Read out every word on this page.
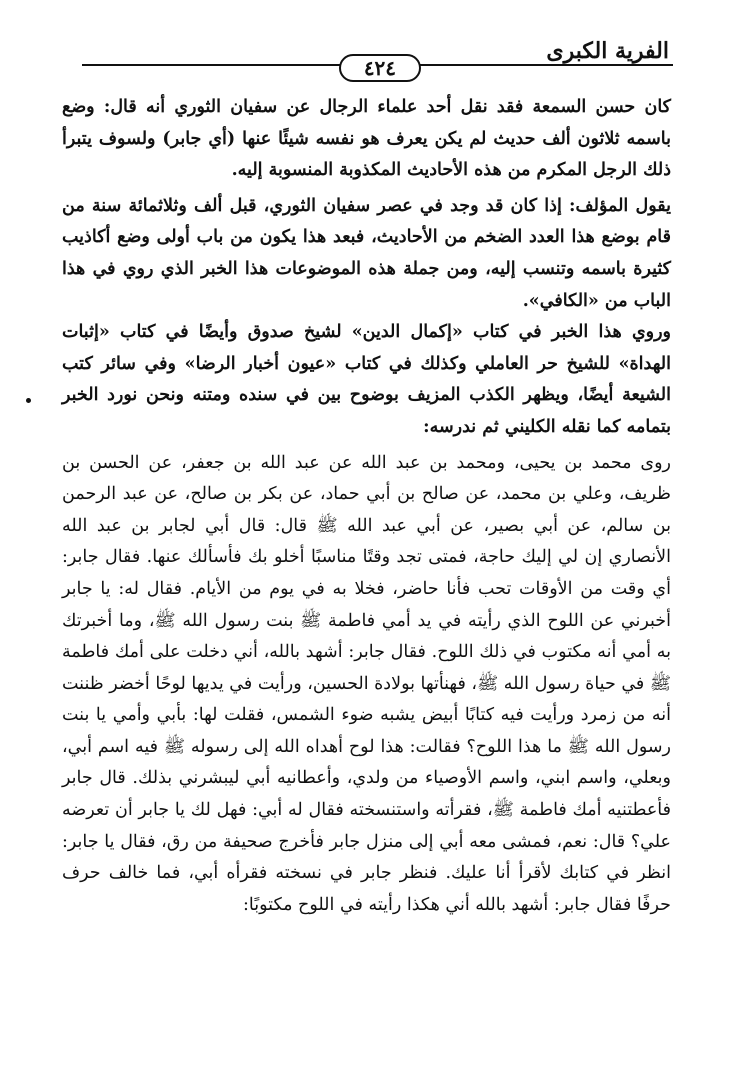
الفرية الكبرى
٤٢٤

كان حسن السمعة فقد نقل أحد علماء الرجال عن سفيان الثوري أنه قال: وضع باسمه ثلاثون ألف حديث لم يكن يعرف هو نفسه شيئًا عنها (أي جابر) ولسوف يتبرأ ذلك الرجل المكرم من هذه الأحاديث المكذوبة المنسوبة إليه.

يقول المؤلف: إذا كان قد وجد في عصر سفيان الثوري، قبل ألف وثلاثمائة سنة من قام بوضع هذا العدد الضخم من الأحاديث، فبعد هذا يكون من باب أولى وضع أكاذيب كثيرة باسمه وتنسب إليه، ومن جملة هذه الموضوعات هذا الخبر الذي روي في هذا الباب من «الكافي».

وروي هذا الخبر في كتاب «إكمال الدين» لشيخ صدوق وأيضًا في كتاب «إثبات الهداة» للشيخ حر العاملي وكذلك في كتاب «عيون أخبار الرضا» وفي سائر كتب الشيعة أيضًا، ويظهر الكذب المزيف بوضوح بين في سنده ومتنه ونحن نورد الخبر بتمامه كما نقله الكليني ثم ندرسه:

روى محمد بن يحيى، ومحمد بن عبد الله عن عبد الله بن جعفر، عن الحسن بن ظريف، وعلي بن محمد، عن صالح بن أبي حماد، عن بكر بن صالح، عن عبد الرحمن بن سالم، عن أبي بصير، عن أبي عبد الله ﷺ قال: قال أبي لجابر بن عبد الله الأنصاري إن لي إليك حاجة، فمتى تجد وقتًا مناسبًا أخلو بك فأسألك عنها. فقال جابر: أي وقت من الأوقات تحب فأنا حاضر، فخلا به في يوم من الأيام. فقال له: يا جابر أخبرني عن اللوح الذي رأيته في يد أمي فاطمة ﷺ بنت رسول الله ﷺ، وما أخبرتك به أمي أنه مكتوب في ذلك اللوح. فقال جابر: أشهد بالله، أني دخلت على أمك فاطمة ﷺ في حياة رسول الله ﷺ، فهنأتها بولادة الحسين، ورأيت في يديها لوحًا أخضر ظننت أنه من زمرد ورأيت فيه كتابًا أبيض يشبه ضوء الشمس، فقلت لها: بأبي وأمي يا بنت رسول الله ﷺ ما هذا اللوح؟ فقالت: هذا لوح أهداه الله إلى رسوله ﷺ فيه اسم أبي، وبعلي، واسم ابني، واسم الأوصياء من ولدي، وأعطانيه أبي ليبشرني بذلك. قال جابر فأعطتنيه أمك فاطمة ﷺ، فقرأته واستنسخته فقال له أبي: فهل لك يا جابر أن تعرضه علي؟ قال: نعم، فمشى معه أبي إلى منزل جابر فأخرج صحيفة من رق، فقال يا جابر: انظر في كتابك لأقرأ أنا عليك. فنظر جابر في نسخته فقرأه أبي، فما خالف حرف حرفًا فقال جابر: أشهد بالله أني هكذا رأيته في اللوح مكتوبًا:
